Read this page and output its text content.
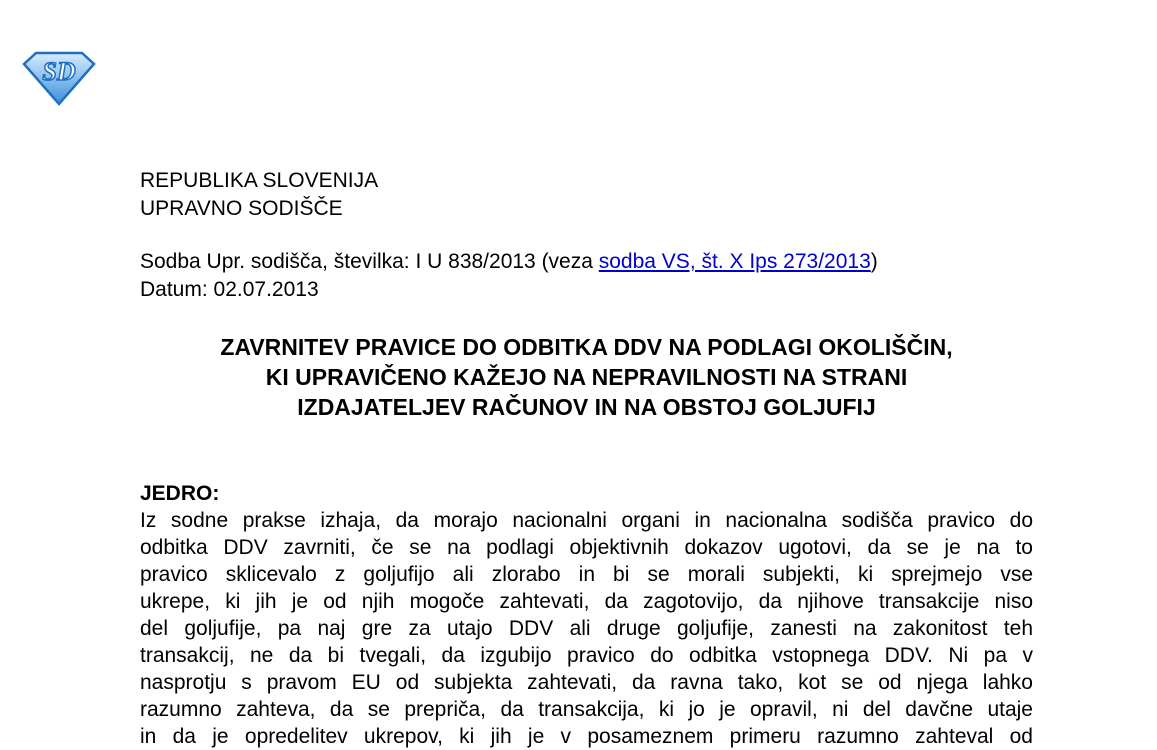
SD
REPUBLIKA SLOVENIJA
UPRAVNO SODIŠČE
Sodba Upr. sodišča, številka: I U 838/2013 (veza sodba VS, št. X Ips 273/2013)
Datum: 02.07.2013
ZAVRNITEV PRAVICE DO ODBITKA DDV NA PODLAGI OKOLIŠČIN,
KI UPRAVIČENO KAŽEJO NA NEPRAVILNOSTI NA STRANI
IZDAJATELJEV RAČUNOV IN NA OBSTOJ GOLJUFIJ
JEDRO:
Iz sodne prakse izhaja, da morajo nacionalni organi in nacionalna sodišča pravico do
odbitka DDV zavrniti, če se na podlagi objektivnih dokazov ugotovi, da se je na to
pravico sklicevalo z goljufijo ali zlorabo in bi se morali subjekti, ki sprejmejo vse
ukrepe, ki jih je od njih mogoče zahtevati, da zagotovijo, da njihove transakcije niso
del goljufije, pa naj gre za utajo DDV ali druge goljufije, zanesti na zakonitost teh
transakcij, ne da bi tvegali, da izgubijo pravico do odbitka vstopnega DDV. Ni pa v
nasprotju s pravom EU od subjekta zahtevati, da ravna tako, kot se od njega lahko
razumno zahteva, da se prepriča, da transakcija, ki jo je opravil, ni del davčne utaje
in da je opredelitev ukrepov, ki jih je v posameznem primeru razumno zahteval od
